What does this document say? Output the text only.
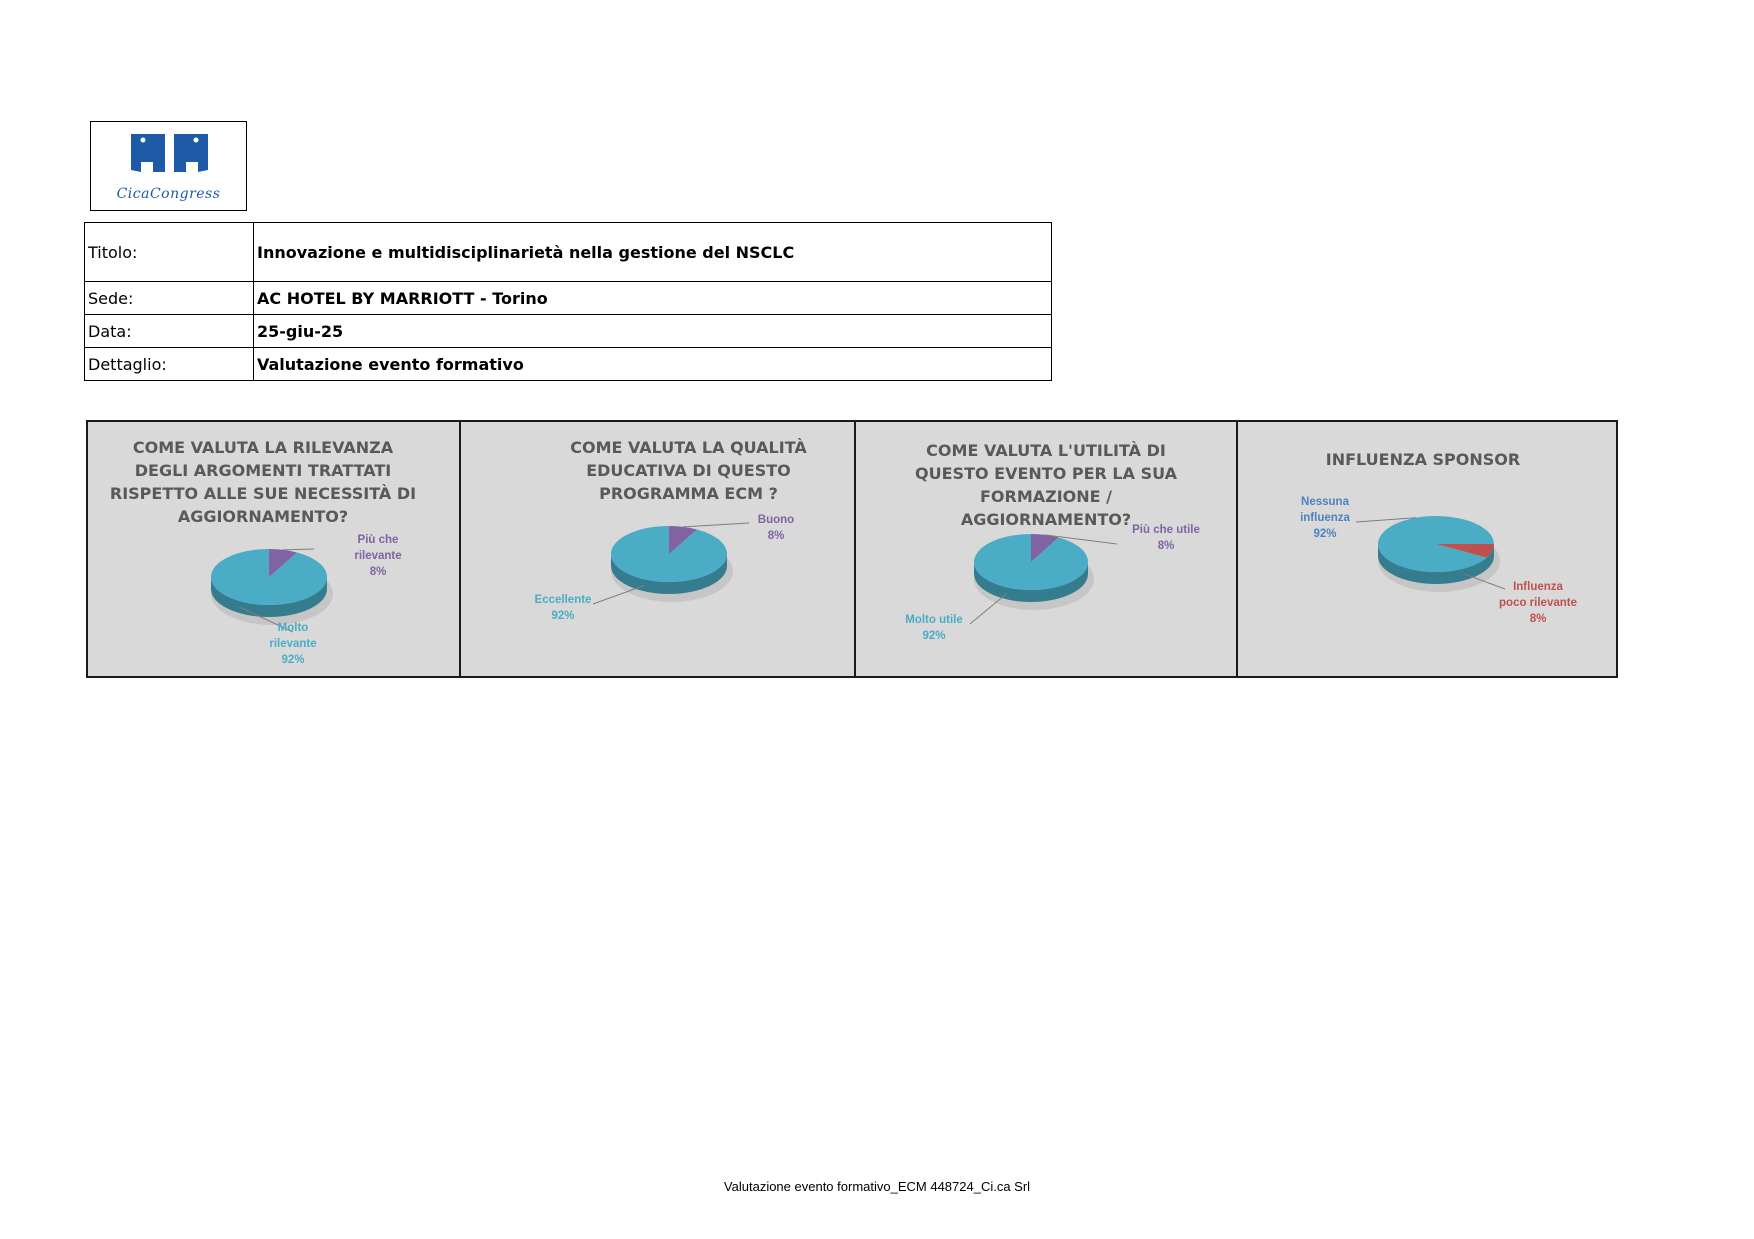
CicaCongress
Titolo:	Innovazione e multidisciplinarietà nella gestione del NSCLC
Sede:	AC HOTEL BY MARRIOTT - Torino
Data:	25-giu-25
Dettaglio:	Valutazione evento formativo
COME VALUTA LA RILEVANZA DEGLI ARGOMENTI TRATTATI RISPETTO ALLE SUE NECESSITÀ DI AGGIORNAMENTO?
Più che rilevante
8%
Molto rilevante
92%
COME VALUTA LA QUALITÀ EDUCATIVA DI QUESTO PROGRAMMA ECM ?
Buono
8%
Eccellente
92%
COME VALUTA L'UTILITÀ DI QUESTO EVENTO PER LA SUA FORMAZIONE / AGGIORNAMENTO?
Più che utile
8%
Molto utile
92%
INFLUENZA SPONSOR
Influenza poco rilevante
8%
Nessuna influenza
92%
Valutazione evento formativo_ECM 448724_Ci.ca Srl
